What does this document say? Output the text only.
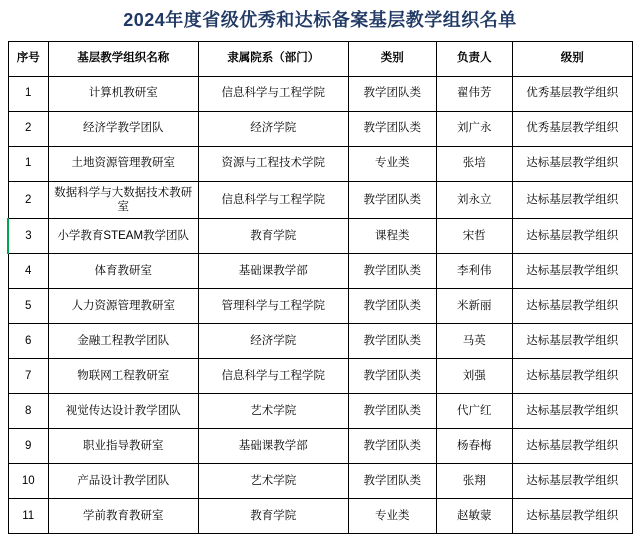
2024年度省级优秀和达标备案基层教学组织名单
序号	基层教学组织名称	隶属院系（部门）	类别	负责人	级别
1	计算机教研室	信息科学与工程学院	教学团队类	翟伟芳	优秀基层教学组织
2	经济学教学团队	经济学院	教学团队类	刘广永	优秀基层教学组织
1	土地资源管理教研室	资源与工程技术学院	专业类	张培	达标基层教学组织
2	数据科学与大数据技术教研室	信息科学与工程学院	教学团队类	刘永立	达标基层教学组织
3	小学教育STEAM教学团队	教育学院	课程类	宋哲	达标基层教学组织
4	体育教研室	基础课教学部	教学团队类	李利伟	达标基层教学组织
5	人力资源管理教研室	管理科学与工程学院	教学团队类	米新丽	达标基层教学组织
6	金融工程教学团队	经济学院	教学团队类	马英	达标基层教学组织
7	物联网工程教研室	信息科学与工程学院	教学团队类	刘强	达标基层教学组织
8	视觉传达设计教学团队	艺术学院	教学团队类	代广红	达标基层教学组织
9	职业指导教研室	基础课教学部	教学团队类	杨春梅	达标基层教学组织
10	产品设计教学团队	艺术学院	教学团队类	张翔	达标基层教学组织
11	学前教育教研室	教育学院	专业类	赵敏蒙	达标基层教学组织
